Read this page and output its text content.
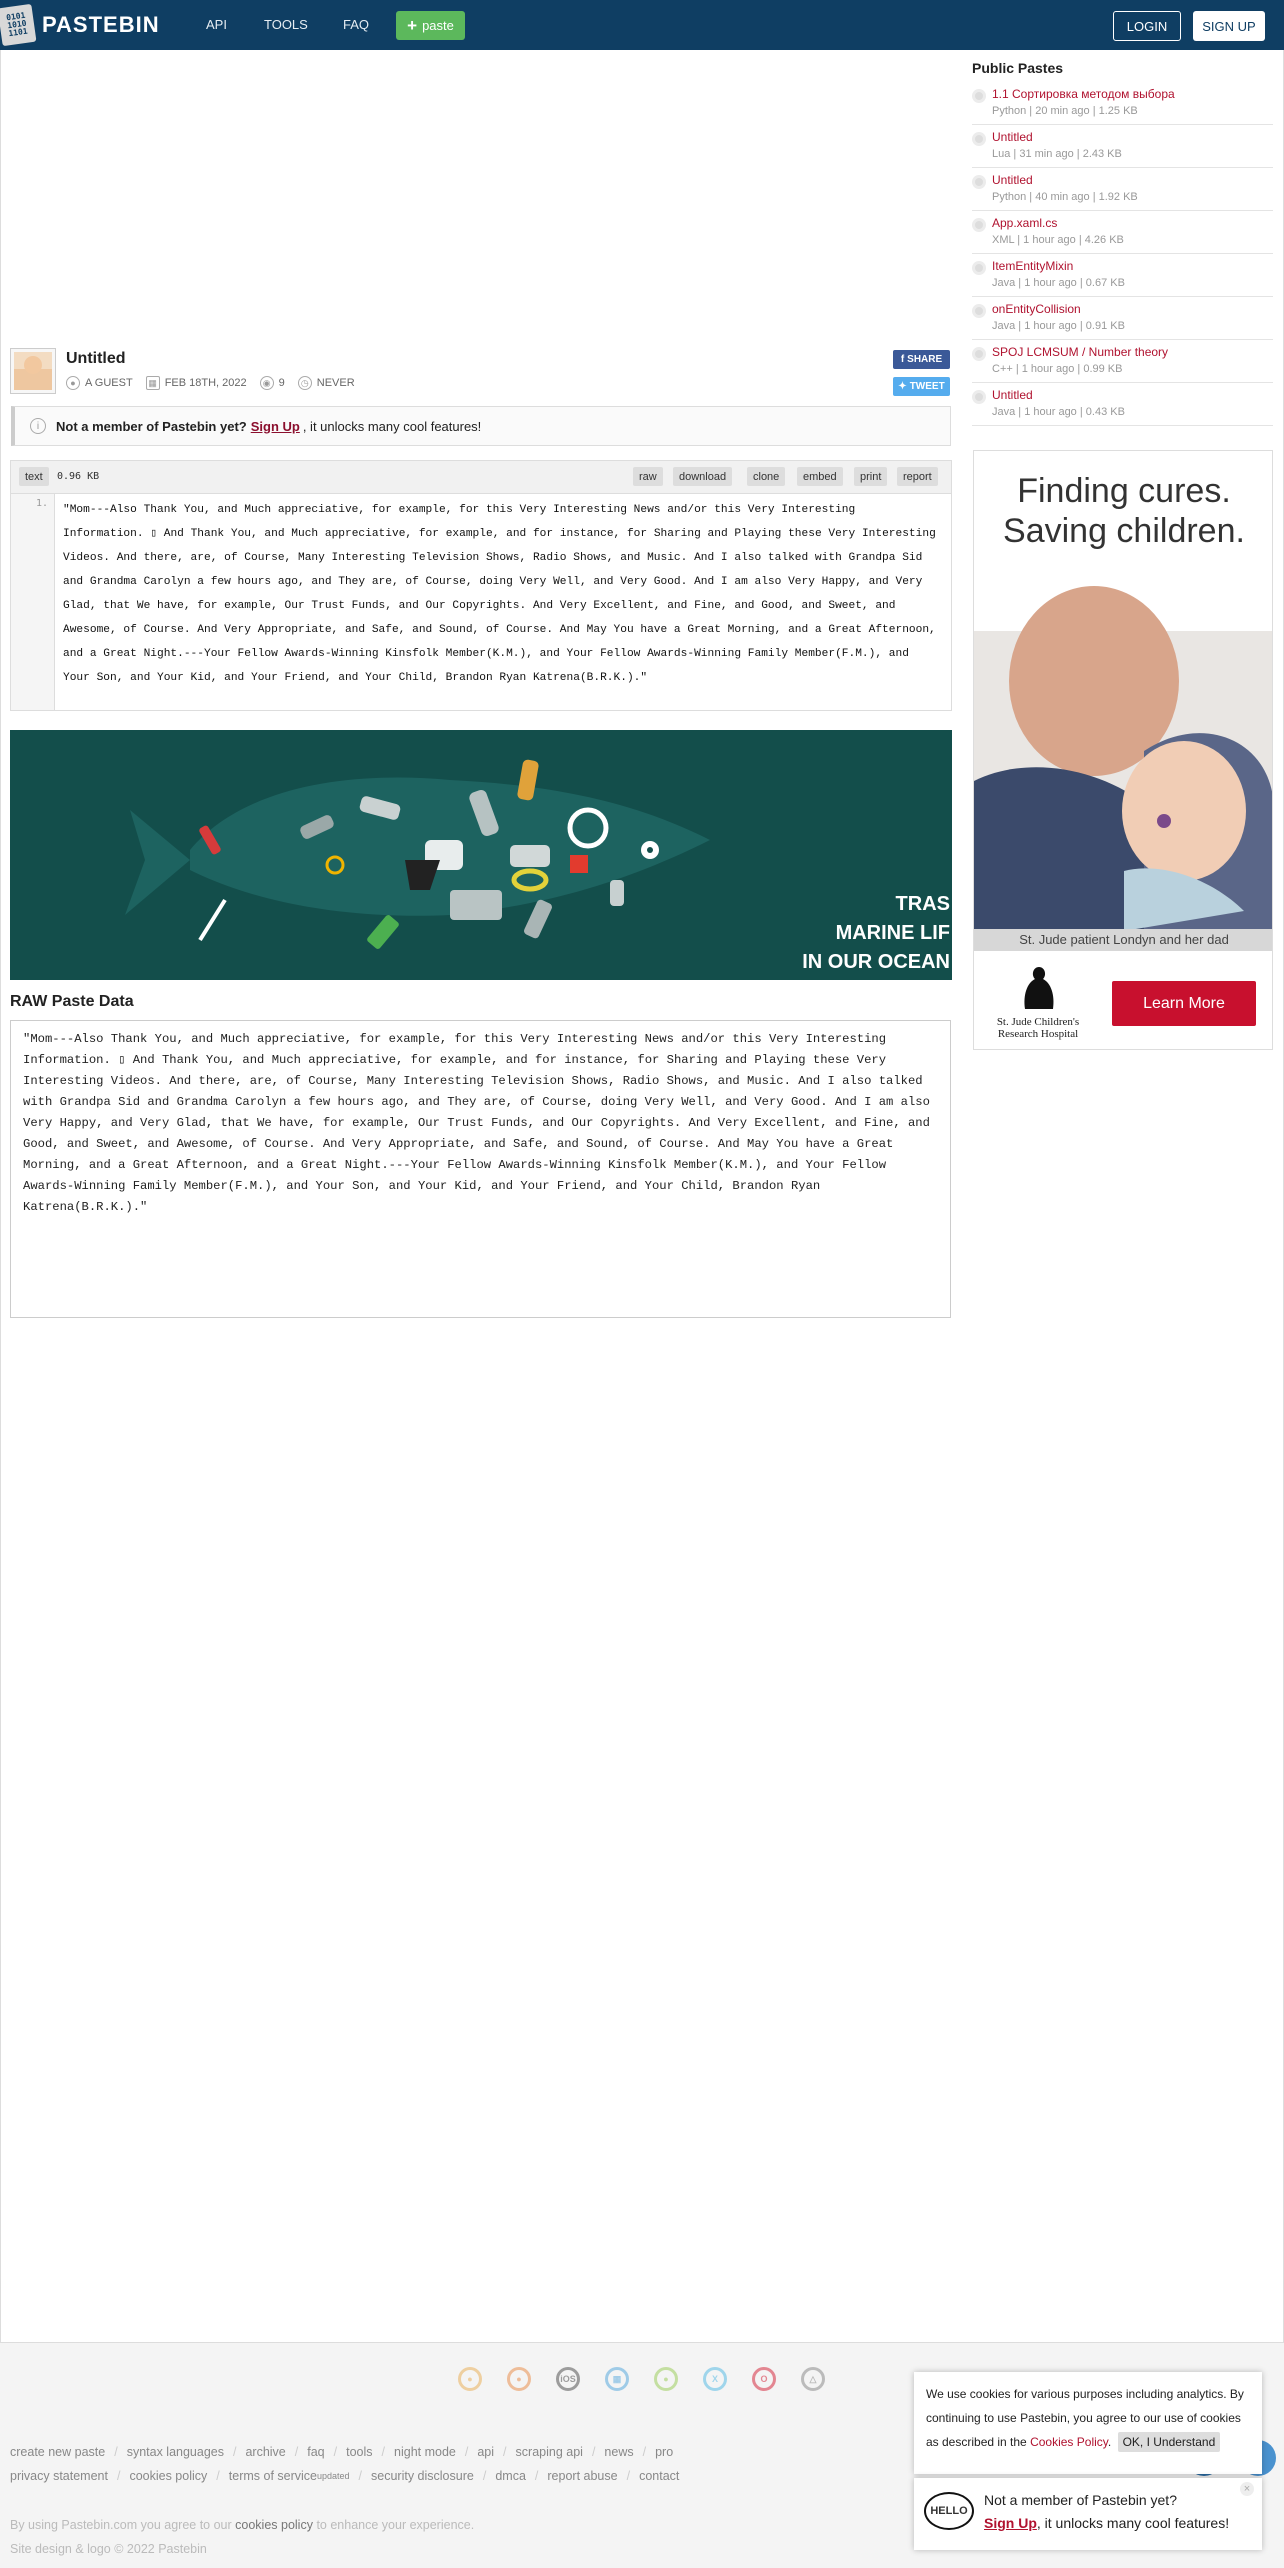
0101 1010 1101 PASTEBIN	API	TOOLS	FAQ + paste	LOGIN	SIGN UP
Untitled
● A GUEST	▦ FEB 18TH, 2022	◉ 9	◷ NEVER
f SHARE
✦ TWEET
i	Not a member of Pastebin yet? Sign Up , it unlocks many cool features!
text	0.96 KB	raw	download	clone	embed	print	report
1.
"Mom---Also Thank You, and Much appreciative, for example, for this Very Interesting News and/or this Very Interesting Information. ▯ And Thank You, and Much appreciative, for example, and for instance, for Sharing and Playing these Very Interesting Videos. And there, are, of Course, Many Interesting Television Shows, Radio Shows, and Music. And I also talked with Grandpa Sid and Grandma Carolyn a few hours ago, and They are, of Course, doing Very Well, and Very Good. And I am also Very Happy, and Very Glad, that We have, for example, Our Trust Funds, and Our Copyrights. And Very Excellent, and Fine, and Good, and Sweet, and Awesome, of Course. And Very Appropriate, and Safe, and Sound, of Course. And May You have a Great Morning, and a Great Afternoon, and a Great Night.---Your Fellow Awards-Winning Kinsfolk Member(K.M.), and Your Fellow Awards-Winning Family Member(F.M.), and Your Son, and Your Kid, and Your Friend, and Your Child, Brandon Ryan Katrena(B.R.K.)."
TRAS
MARINE LIF
IN OUR OCEAN
RAW Paste Data
"Mom---Also Thank You, and Much appreciative, for example, for this Very Interesting News and/or this Very Interesting Information. ▯ And Thank You, and Much appreciative, for example, and for instance, for Sharing and Playing these Very Interesting Videos. And there, are, of Course, Many Interesting Television Shows, Radio Shows, and Music. And I also talked with Grandpa Sid and Grandma Carolyn a few hours ago, and They are, of Course, doing Very Well, and Very Good. And I am also Very Happy, and Very Glad, that We have, for example, Our Trust Funds, and Our Copyrights. And Very Excellent, and Fine, and Good, and Sweet, and Awesome, of Course. And Very Appropriate, and Safe, and Sound, of Course. And May You have a Great Morning, and a Great Afternoon, and a Great Night.---Your Fellow Awards-Winning Kinsfolk Member(K.M.), and Your Fellow Awards-Winning Family Member(F.M.), and Your Son, and Your Kid, and Your Friend, and Your Child, Brandon Ryan Katrena(B.R.K.)."
Public Pastes
1.1 Сортировка методом выбора
Python | 20 min ago | 1.25 KB
Untitled
Lua | 31 min ago | 2.43 KB
Untitled
Python | 40 min ago | 1.92 KB
App.xaml.cs
XML | 1 hour ago | 4.26 KB
ItemEntityMixin
Java | 1 hour ago | 0.67 KB
onEntityCollision
Java | 1 hour ago | 0.91 KB
SPOJ LCMSUM / Number theory
C++ | 1 hour ago | 0.99 KB
Untitled
Java | 1 hour ago | 0.43 KB
Finding cures.
Saving children.
St. Jude patient Londyn and her dad
St. Jude Children's Research Hospital
Learn More
●	●	iOS	▦	●	X	O	△
create new paste / syntax languages / archive / faq / tools / night mode / api / scraping api / news / pro
privacy statement / cookies policy / terms of service updated / security disclosure / dmca / report abuse / contact
By using Pastebin.com you agree to our cookies policy to enhance your experience.
Site design & logo © 2022 Pastebin
We use cookies for various purposes including analytics. By continuing to use Pastebin, you agree to our use of cookies as described in the Cookies Policy. OK, I Understand
HELLO
Not a member of Pastebin yet?
Sign Up, it unlocks many cool features!
×
